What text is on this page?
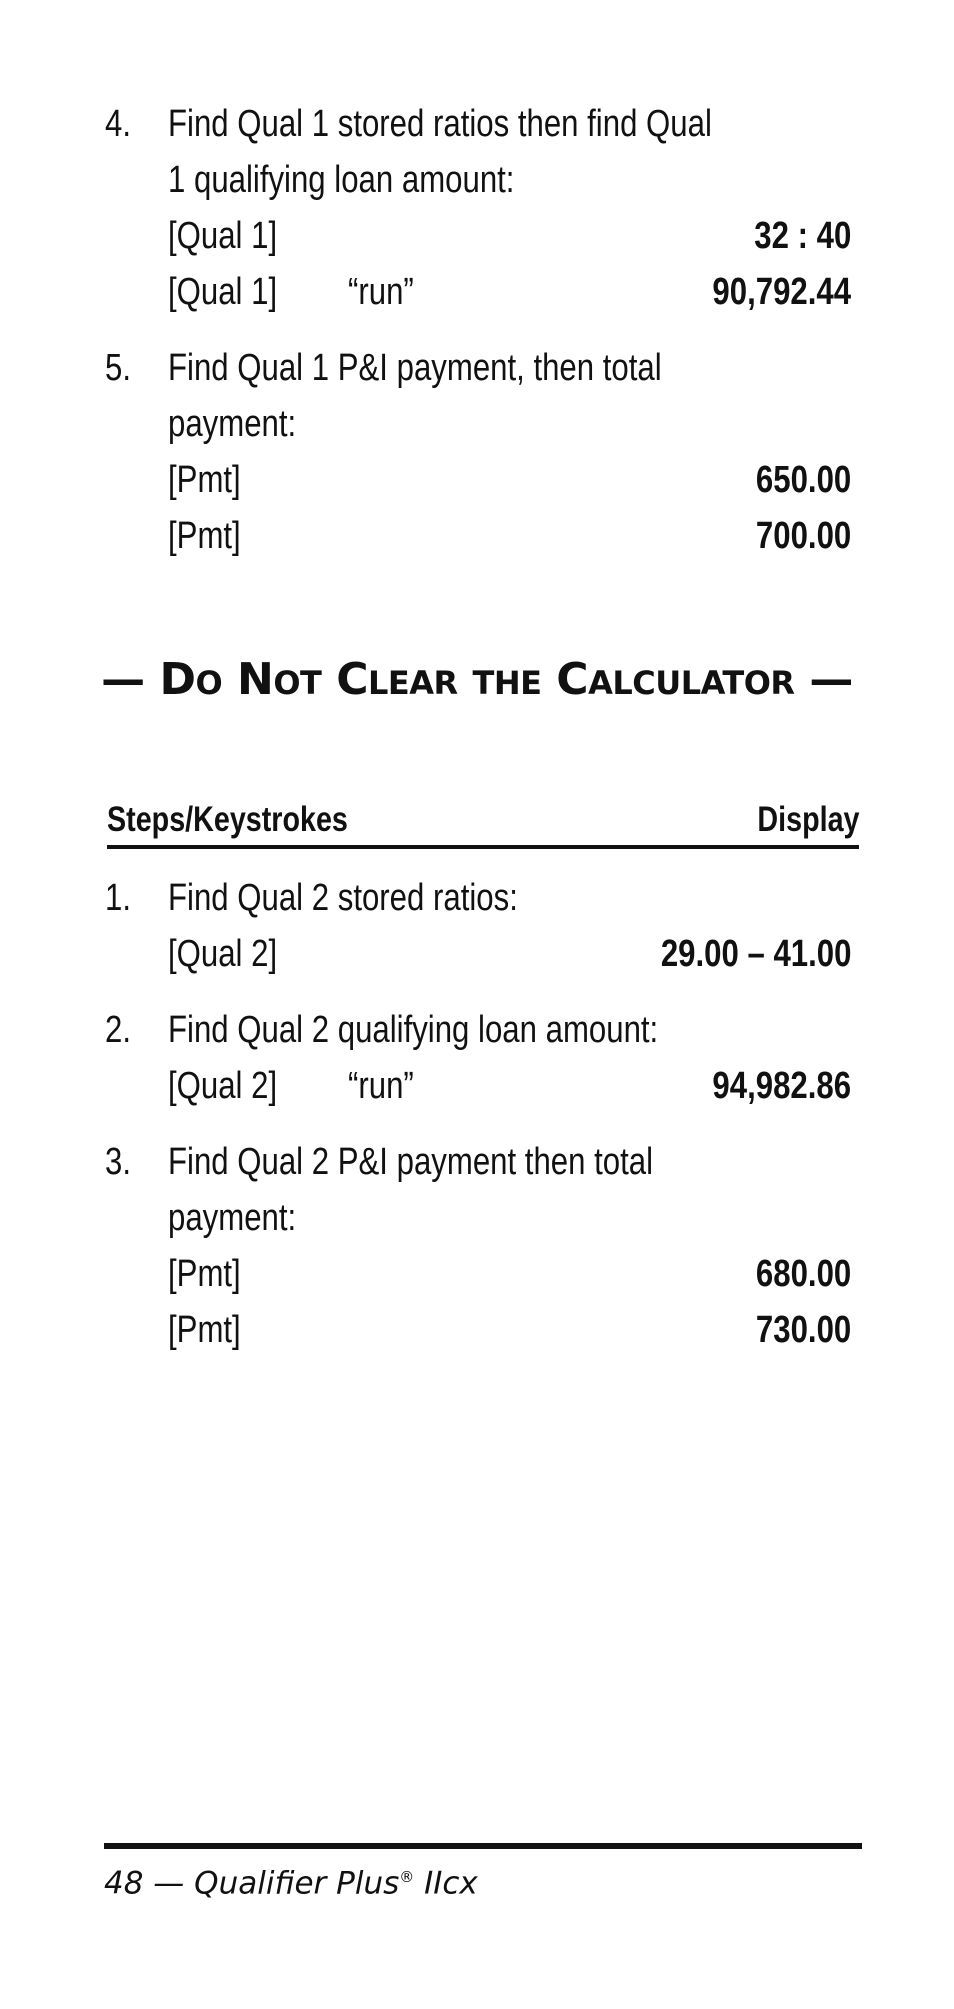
4. Find Qual 1 stored ratios then find Qual
1 qualifying loan amount:
[Qual 1]	32 : 40
[Qual 1] “run”	90,792.44
5. Find Qual 1 P&I payment, then total
payment:
[Pmt]	650.00
[Pmt]	700.00
— DO NOT CLEAR THE CALCULATOR —
Steps/Keystrokes	Display
1. Find Qual 2 stored ratios:
[Qual 2]	29.00 – 41.00
2. Find Qual 2 qualifying loan amount:
[Qual 2] “run”	94,982.86
3. Find Qual 2 P&I payment then total
payment:
[Pmt]	680.00
[Pmt]	730.00
48 — Qualifier Plus® IIcx
